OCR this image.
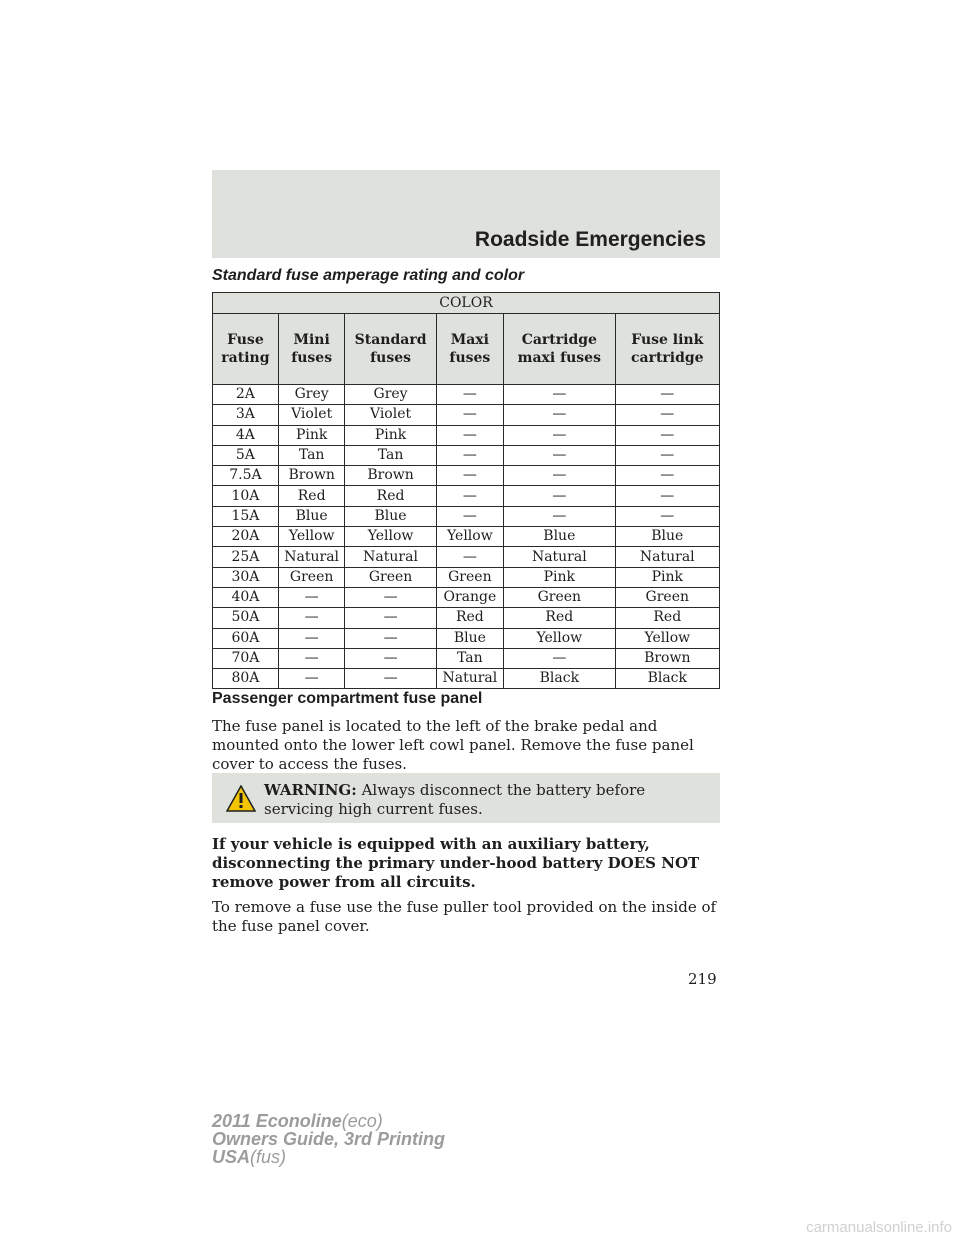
Roadside Emergencies
Standard fuse amperage rating and color
COLOR					
Fuse rating	Mini fuses	Standard fuses	Maxi fuses	Cartridge maxi fuses	Fuse link cartridge
2A	Grey	Grey	—	—	—
3A	Violet	Violet	—	—	—
4A	Pink	Pink	—	—	—
5A	Tan	Tan	—	—	—
7.5A	Brown	Brown	—	—	—
10A	Red	Red	—	—	—
15A	Blue	Blue	—	—	—
20A	Yellow	Yellow	Yellow	Blue	Blue
25A	Natural	Natural	—	Natural	Natural
30A	Green	Green	Green	Pink	Pink
40A	—	—	Orange	Green	Green
50A	—	—	Red	Red	Red
60A	—	—	Blue	Yellow	Yellow
70A	—	—	Tan	—	Brown
80A	—	—	Natural	Black	Black
Passenger compartment fuse panel
The fuse panel is located to the left of the brake pedal and mounted onto the lower left cowl panel. Remove the fuse panel cover to access the fuses.
WARNING: Always disconnect the battery before servicing high current fuses.
If your vehicle is equipped with an auxiliary battery, disconnecting the primary under-hood battery DOES NOT remove power from all circuits.
To remove a fuse use the fuse puller tool provided on the inside of the fuse panel cover.
219
2011 Econoline(eco)
Owners Guide, 3rd Printing
USA(fus)
carmanualsonline.info
